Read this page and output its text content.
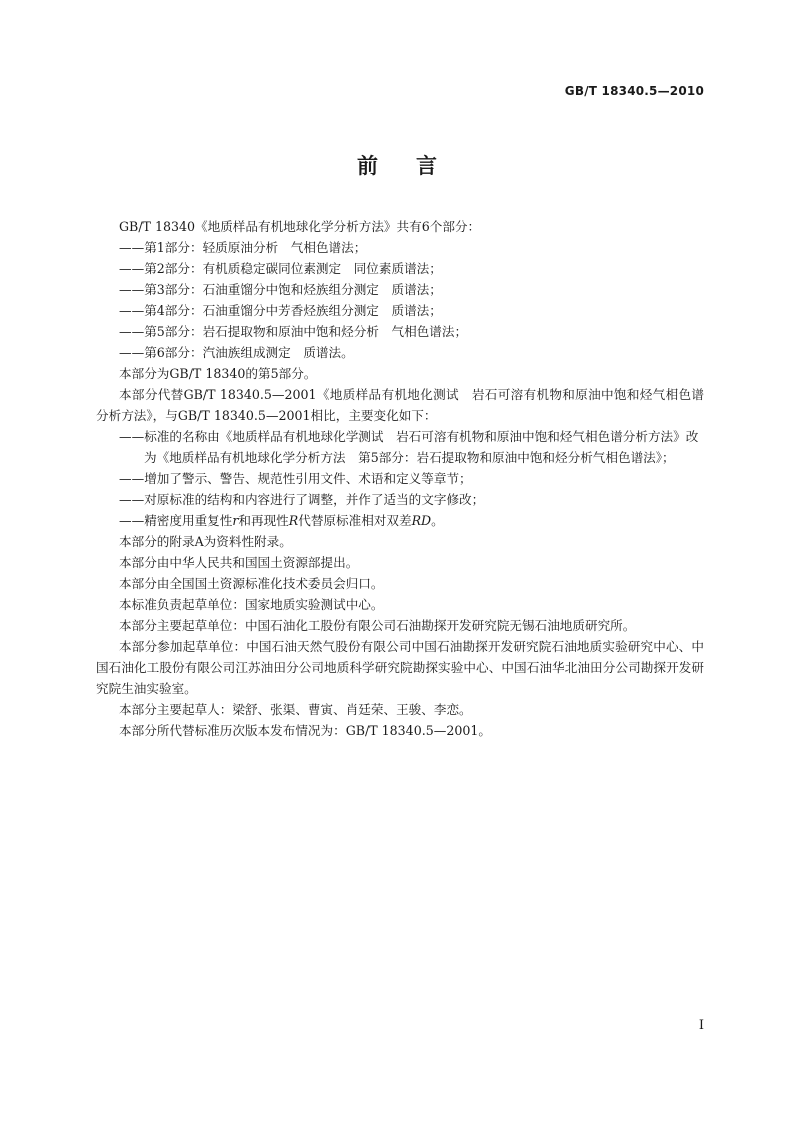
GB/T 18340.5—2010
前 言

GB/T 18340《地质样品有机地球化学分析方法》共有6个部分：

——第1部分：轻质原油分析　气相色谱法；

——第2部分：有机质稳定碳同位素测定　同位素质谱法；

——第3部分：石油重馏分中饱和烃族组分测定　质谱法；

——第4部分：石油重馏分中芳香烃族组分测定　质谱法；

——第5部分：岩石提取物和原油中饱和烃分析　气相色谱法；

——第6部分：汽油族组成测定　质谱法。

本部分为GB/T 18340的第5部分。

本部分代替GB/T 18340.5—2001《地质样品有机地化测试　岩石可溶有机物和原油中饱和烃气相色谱分析方法》，与GB/T 18340.5—2001相比，主要变化如下：

——标准的名称由《地质样品有机地球化学测试　岩石可溶有机物和原油中饱和烃气相色谱分析方法》改为《地质样品有机地球化学分析方法　第5部分：岩石提取物和原油中饱和烃分析气相色谱法》；

——增加了警示、警告、规范性引用文件、术语和定义等章节；

——对原标准的结构和内容进行了调整，并作了适当的文字修改；

——精密度用重复性r和再现性R代替原标准相对双差RD。

本部分的附录A为资料性附录。

本部分由中华人民共和国国土资源部提出。

本部分由全国国土资源标准化技术委员会归口。

本标准负责起草单位：国家地质实验测试中心。

本部分主要起草单位：中国石油化工股份有限公司石油勘探开发研究院无锡石油地质研究所。

本部分参加起草单位：中国石油天然气股份有限公司中国石油勘探开发研究院石油地质实验研究中心、中国石油化工股份有限公司江苏油田分公司地质科学研究院勘探实验中心、中国石油华北油田分公司勘探开发研究院生油实验室。

本部分主要起草人：梁舒、张渠、曹寅、肖廷荣、王骏、李恋。

本部分所代替标准历次版本发布情况为：GB/T 18340.5—2001。

I
